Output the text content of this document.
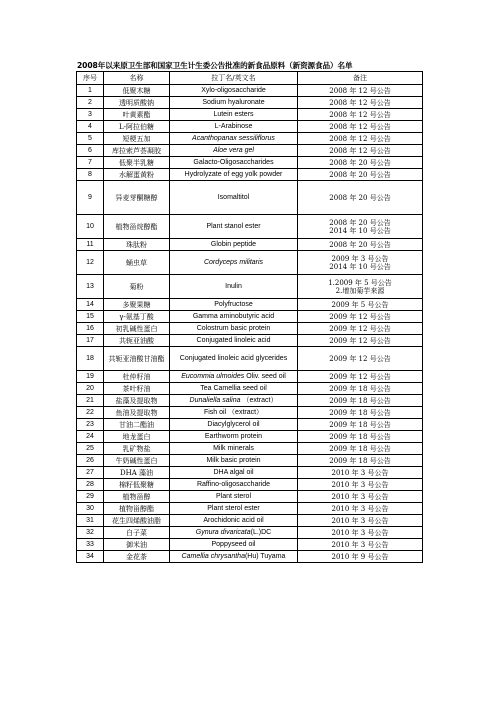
2008年以来原卫生部和国家卫生计生委公告批准的新食品原料（新资源食品）名单
序号	名称	拉丁名/英文名	备注
1	低聚木糖	Xylo-oligosaccharide	2008 年 12 号公告

2	透明质酸钠	Sodium hyaluronate	2008 年 12 号公告

3	叶黄素酯	Lutein esters	2008 年 12 号公告

4	L-阿拉伯糖	L-Arabinose	2008 年 12 号公告

5	短梗五加	Acanthopanax sessiliflorus	2008 年 12 号公告

6	库拉索芦荟凝胶	Aloe vera gel	2008 年 12 号公告

7	低聚半乳糖	Galacto-Oligosaccharides	2008 年 20 号公告

8	水解蛋黄粉	Hydrolyzate of egg yolk powder	2008 年 20 号公告

9	异麦芽酮糖醇	Isomaltitol	2008 年 20 号公告

10	植物甾烷醇酯	Plant stanol ester	2008 年 20 号公告
2014 年 10 号公告

11	珠肽粉	Globin peptide	2008 年 20 号公告

12	蛹虫草	Cordyceps militaris	2009 年 3 号公告
2014 年 10 号公告

13	菊粉	Inulin	1.2009 年 5 号公告
2.增加菊芋来源

14	多聚果糖	Polyfructose	2009 年 5 号公告

15	γ-氨基丁酸	Gamma aminobutyric acid	2009 年 12 号公告

16	初乳碱性蛋白	Colostrum basic protein	2009 年 12 号公告

17	共轭亚油酸	Conjugated linoleic acid	2009 年 12 号公告

18	共轭亚油酸甘油酯	Conjugated linoleic acid glycerides	2009 年 12 号公告

19	杜仲籽油	Eucommia ulmoides Oliv. seed oil	2009 年 12 号公告

20	茶叶籽油	Tea Camellia seed oil	2009 年 18 号公告

21	盐藻及提取物	Dunaliella salina （extract）	2009 年 18 号公告

22	鱼油及提取物	Fish oil （extract）	2009 年 18 号公告

23	甘油二酯油	Diacylglycerol oil	2009 年 18 号公告

24	地龙蛋白	Earthworm protein	2009 年 18 号公告

25	乳矿物盐	Milk minerals	2009 年 18 号公告

26	牛奶碱性蛋白	Milk basic protein	2009 年 18 号公告

27	DHA 藻油	DHA algal oil	2010 年 3 号公告

28	棉籽低聚糖	Raffino-oligosaccharide	2010 年 3 号公告

29	植物甾醇	Plant sterol	2010 年 3 号公告

30	植物甾醇酯	Plant sterol ester	2010 年 3 号公告

31	花生四烯酸油脂	Arochidonic acid oil	2010 年 3 号公告

32	白子菜	Gynura divaricata(L.)DC	2010 年 3 号公告

33	御米油	Poppyseed oil	2010 年 3 号公告

34	金花茶	Camellia chrysantha(Hu) Tuyama	2010 年 9 号公告
